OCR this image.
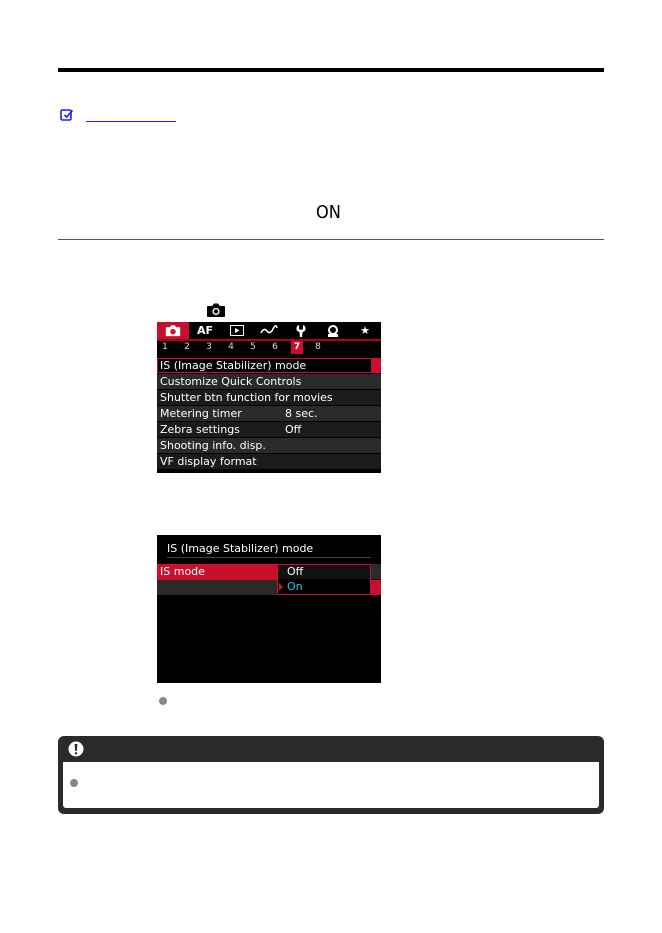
ON
AF	★
1	2	3	4	5	6	7	8
IS (Image Stabilizer) mode
Customize Quick Controls
Shutter btn function for movies
Metering timer	8 sec.
Zebra settings	Off
Shooting info. disp.
VF display format
IS (Image Stabilizer) mode
IS mode	Off
On
